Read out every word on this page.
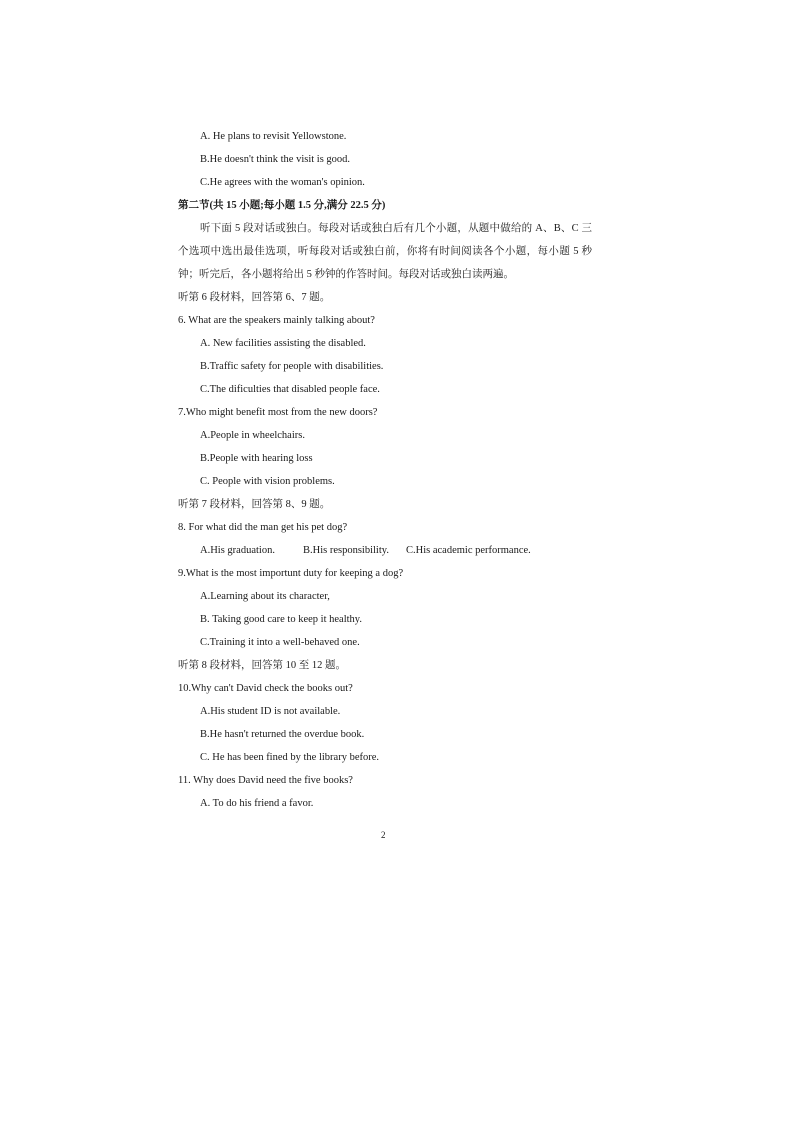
A. He plans to revisit Yellowstone.
B.He doesn't think the visit is good.
C.He agrees with the woman's opinion.
第二节(共 15 小题;每小题 1.5 分,满分 22.5 分)
听下面 5 段对话或独白。每段对话或独白后有几个小题，从题中做给的 A、B、C 三个选项中选出最佳选项，听每段对话或独白前，你将有时间阅读各个小题，每小题 5 秒钟；听完后，各小题将给出 5 秒钟的作答时间。每段对话或独白读两遍。
听第 6 段材料，回答第 6、7 题。
6. What are the speakers mainly talking about?
A. New facilities assisting the disabled.
B.Traffic safety for people with disabilities.
C.The dificulties that disabled people face.
7.Who might benefit most from the new doors?
A.People in wheelchairs.
B.People with hearing loss
C. People with vision problems.
听第 7 段材料，回答第 8、9 题。
8. For what did the man get his pet dog?
A.His graduation.	B.His responsibility. C.His academic performance.
9.What is the most importunt duty for keeping a dog?
A.Learning about its character,
B. Taking good care to keep it healthy.
C.Training it into a well-behaved one.
听第 8 段材料，回答第 10 至 12 题。
10.Why can't David check the books out?
A.His student ID is not available.
B.He hasn't returned the overdue book.
C. He has been fined by the library before.
11. Why does David need the five books?
A. To do his friend a favor.
2
